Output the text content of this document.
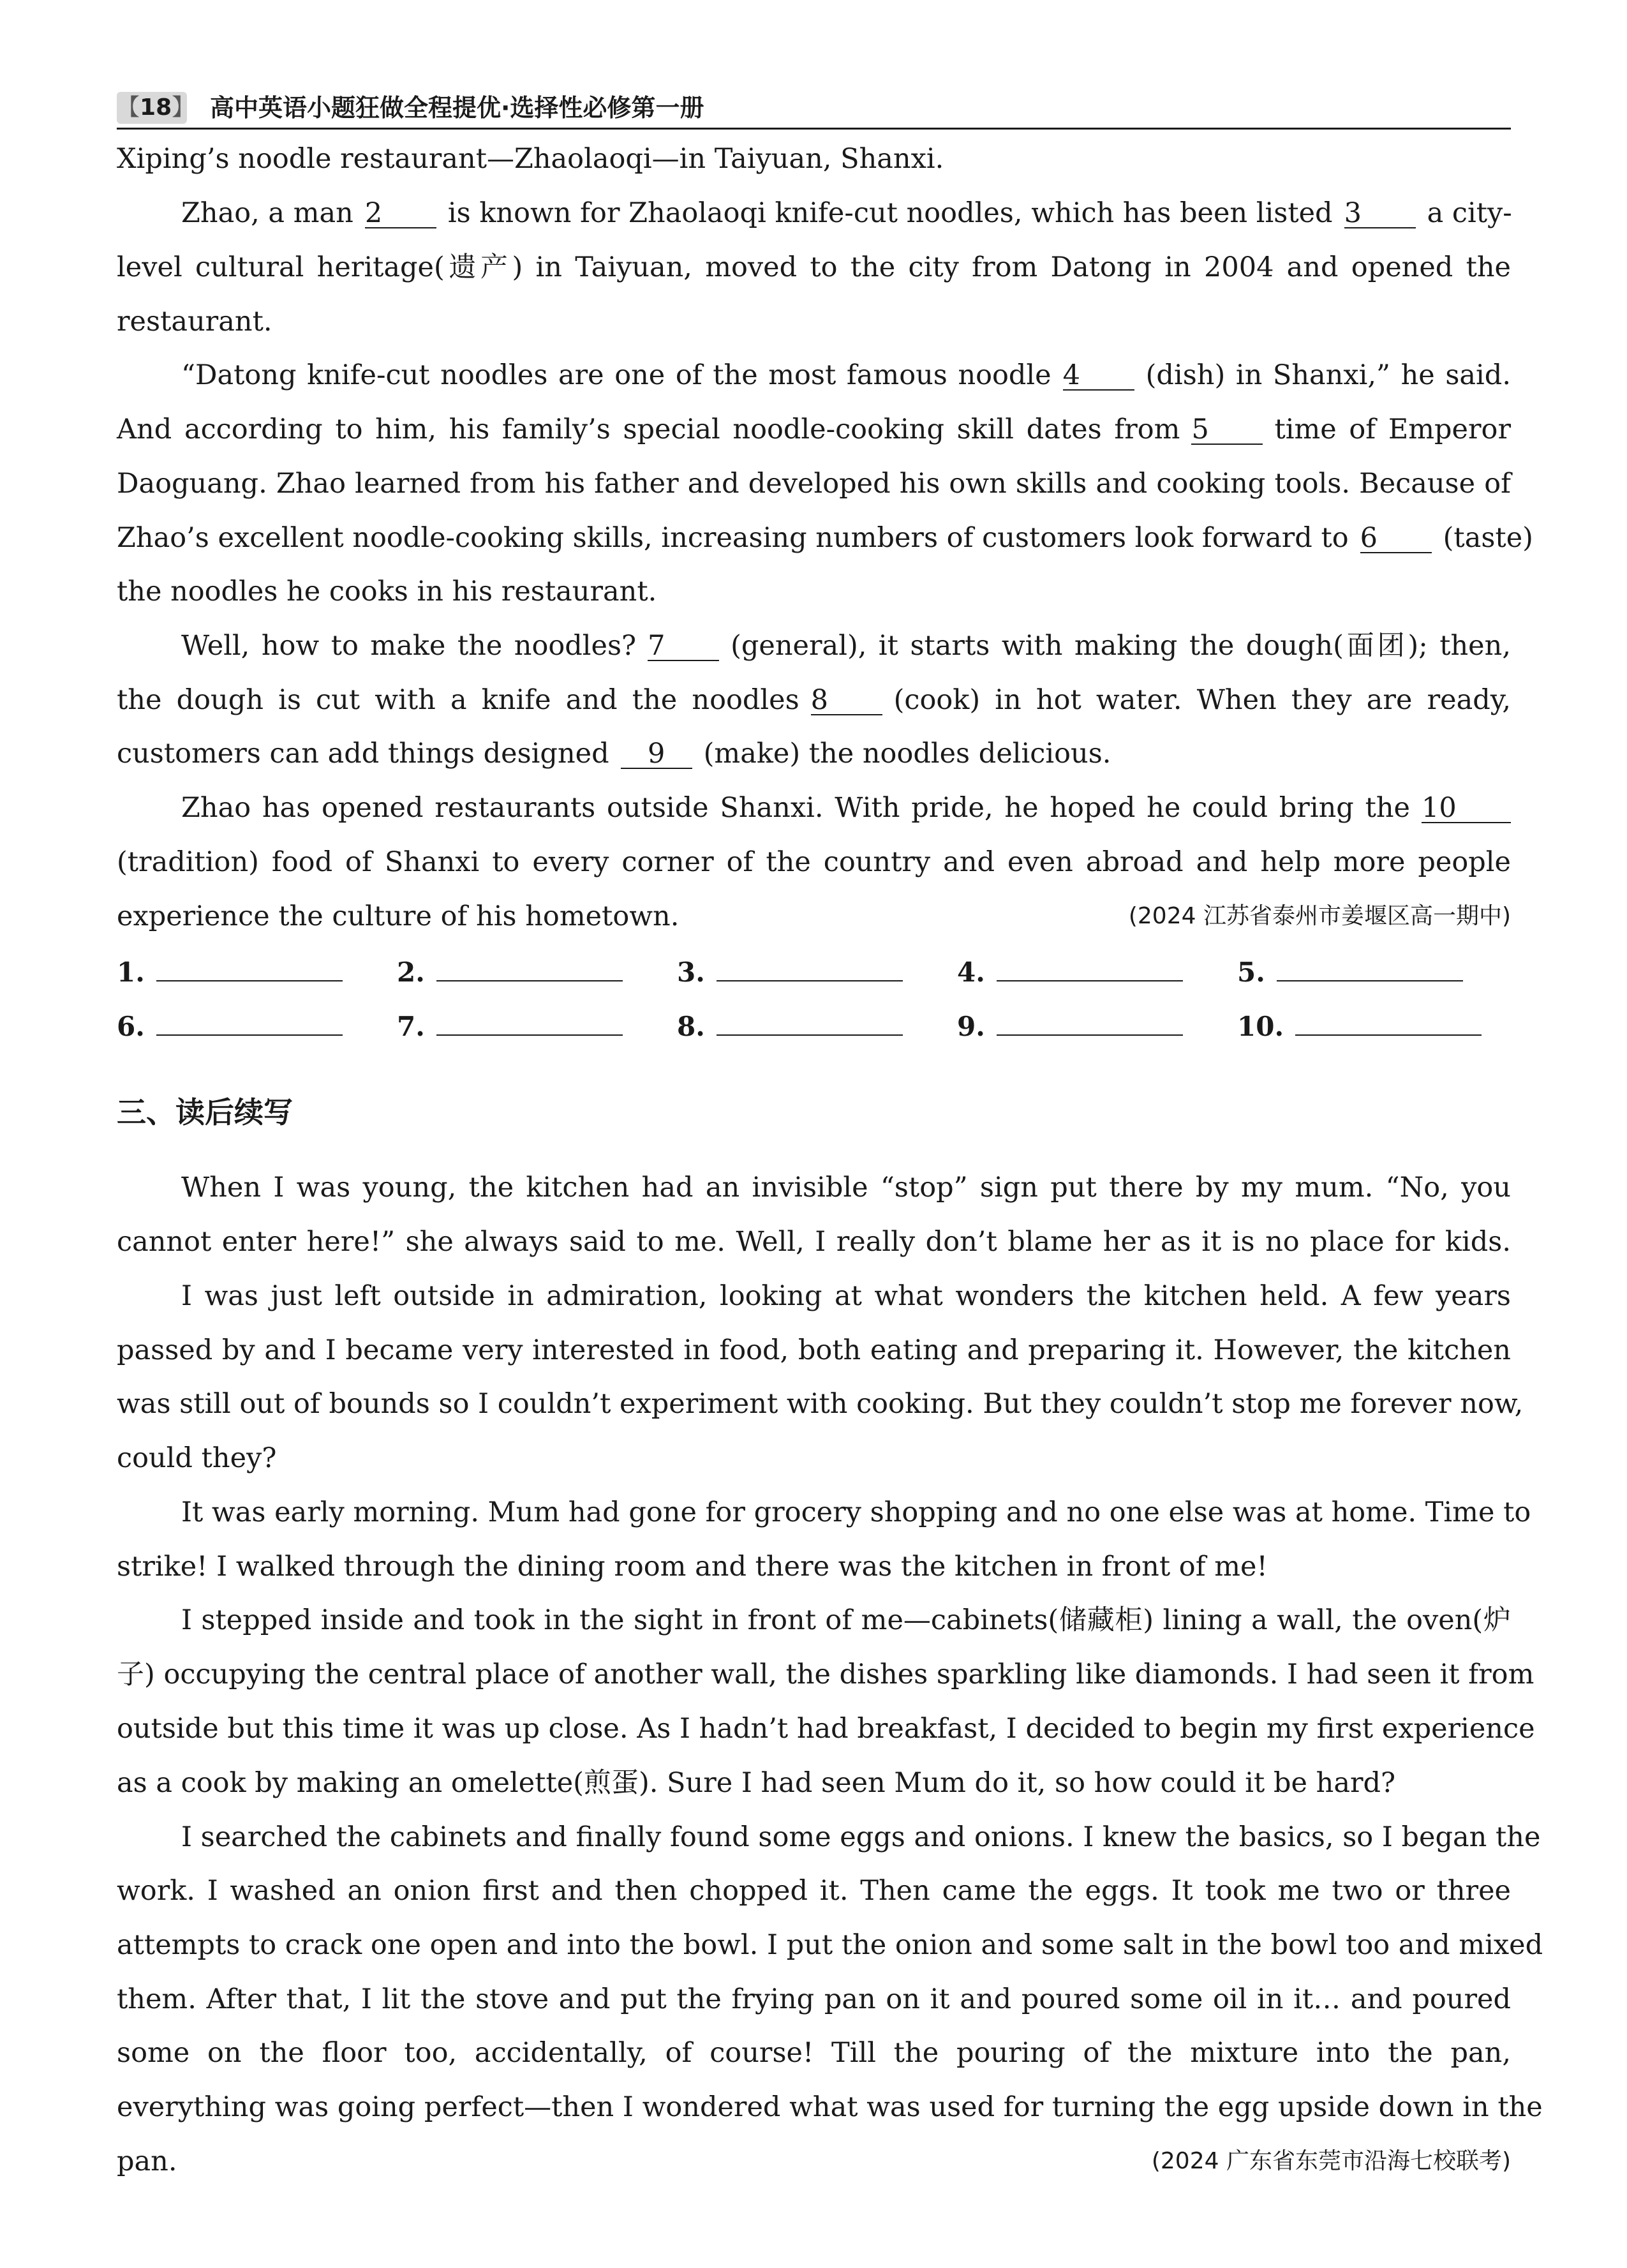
【18】 高中英语小题狂做全程提优·选择性必修第一册
Xiping’s noodle restaurant—Zhaolaoqi—in Taiyuan, Shanxi.
Zhao, a man 2 is known for Zhaolaoqi knife-cut noodles, which has been listed 3 a city-
level cultural heritage(遗产) in Taiyuan, moved to the city from Datong in 2004 and opened the
restaurant.
“Datong knife-cut noodles are one of the most famous noodle 4 (dish) in Shanxi,” he said.
And according to him, his family’s special noodle-cooking skill dates from 5 time of Emperor
Daoguang. Zhao learned from his father and developed his own skills and cooking tools. Because of
Zhao’s excellent noodle-cooking skills, increasing numbers of customers look forward to 6 (taste)
the noodles he cooks in his restaurant.
Well, how to make the noodles? 7 (general), it starts with making the dough(面团); then,
the dough is cut with a knife and the noodles 8 (cook) in hot water. When they are ready,
customers can add things designed 9 (make) the noodles delicious.
Zhao has opened restaurants outside Shanxi. With pride, he hoped he could bring the 10
(tradition) food of Shanxi to every corner of the country and even abroad and help more people
experience the culture of his hometown.	(2024 江苏省泰州市姜堰区高一期中)
1.	2.	3.	4.	5.
6.	7.	8.	9.	10.
三、读后续写
When I was young, the kitchen had an invisible “stop” sign put there by my mum. “No, you
cannot enter here!” she always said to me. Well, I really don’t blame her as it is no place for kids.
I was just left outside in admiration, looking at what wonders the kitchen held. A few years
passed by and I became very interested in food, both eating and preparing it. However, the kitchen
was still out of bounds so I couldn’t experiment with cooking. But they couldn’t stop me forever now,
could they?
It was early morning. Mum had gone for grocery shopping and no one else was at home. Time to
strike! I walked through the dining room and there was the kitchen in front of me!
I stepped inside and took in the sight in front of me—cabinets(储藏柜) lining a wall, the oven(炉
子) occupying the central place of another wall, the dishes sparkling like diamonds. I had seen it from
outside but this time it was up close. As I hadn’t had breakfast, I decided to begin my first experience
as a cook by making an omelette(煎蛋). Sure I had seen Mum do it, so how could it be hard?
I searched the cabinets and finally found some eggs and onions. I knew the basics, so I began the
work. I washed an onion first and then chopped it. Then came the eggs. It took me two or three
attempts to crack one open and into the bowl. I put the onion and some salt in the bowl too and mixed
them. After that, I lit the stove and put the frying pan on it and poured some oil in it… and poured
some on the floor too, accidentally, of course! Till the pouring of the mixture into the pan,
everything was going perfect—then I wondered what was used for turning the egg upside down in the
pan.	(2024 广东省东莞市沿海七校联考)
